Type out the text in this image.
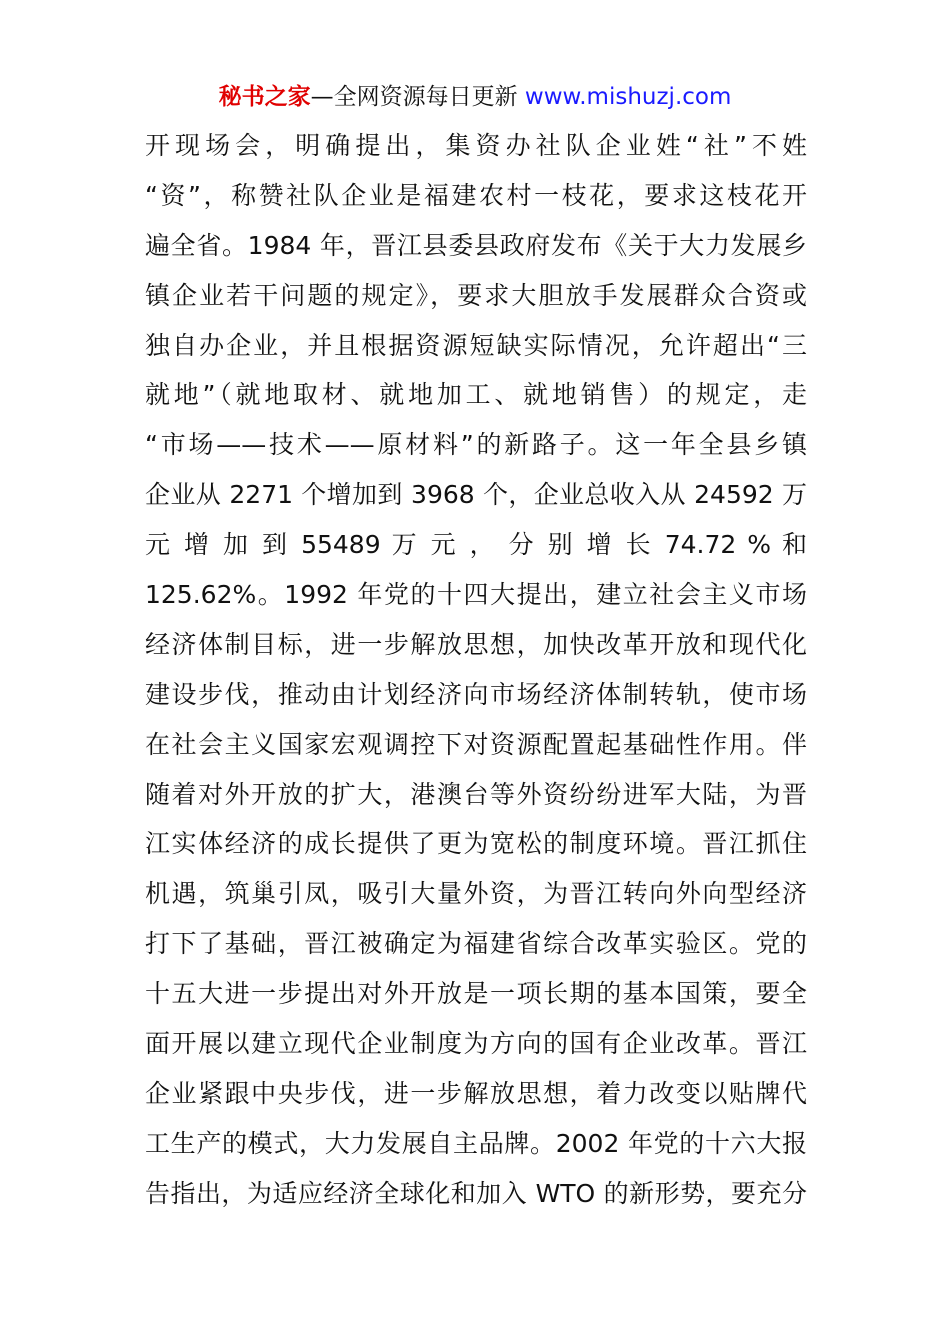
秘书之家—全网资源每日更新 www.mishuzj.com
开现场会，明确提出，集资办社队企业姓“社”不姓
“资”，称赞社队企业是福建农村一枝花，要求这枝花开
遍全省。1984 年，晋江县委县政府发布《关于大力发展乡
镇企业若干问题的规定》，要求大胆放手发展群众合资或
独自办企业，并且根据资源短缺实际情况，允许超出“三
就地”（就地取材、就地加工、就地销售）的规定，走
“市场——技术——原材料”的新路子。这一年全县乡镇
企业从 2271 个增加到 3968 个，企业总收入从 24592 万
元 增 加 到 55489 万 元 ， 分 别 增 长 74.72 % 和
125.62%。1992 年党的十四大提出，建立社会主义市场
经济体制目标，进一步解放思想，加快改革开放和现代化
建设步伐，推动由计划经济向市场经济体制转轨，使市场
在社会主义国家宏观调控下对资源配置起基础性作用。伴
随着对外开放的扩大，港澳台等外资纷纷进军大陆，为晋
江实体经济的成长提供了更为宽松的制度环境。晋江抓住
机遇，筑巢引凤，吸引大量外资，为晋江转向外向型经济
打下了基础，晋江被确定为福建省综合改革实验区。党的
十五大进一步提出对外开放是一项长期的基本国策，要全
面开展以建立现代企业制度为方向的国有企业改革。晋江
企业紧跟中央步伐，进一步解放思想，着力改变以贴牌代
工生产的模式，大力发展自主品牌。2002 年党的十六大报
告指出，为适应经济全球化和加入 WTO 的新形势，要充分
